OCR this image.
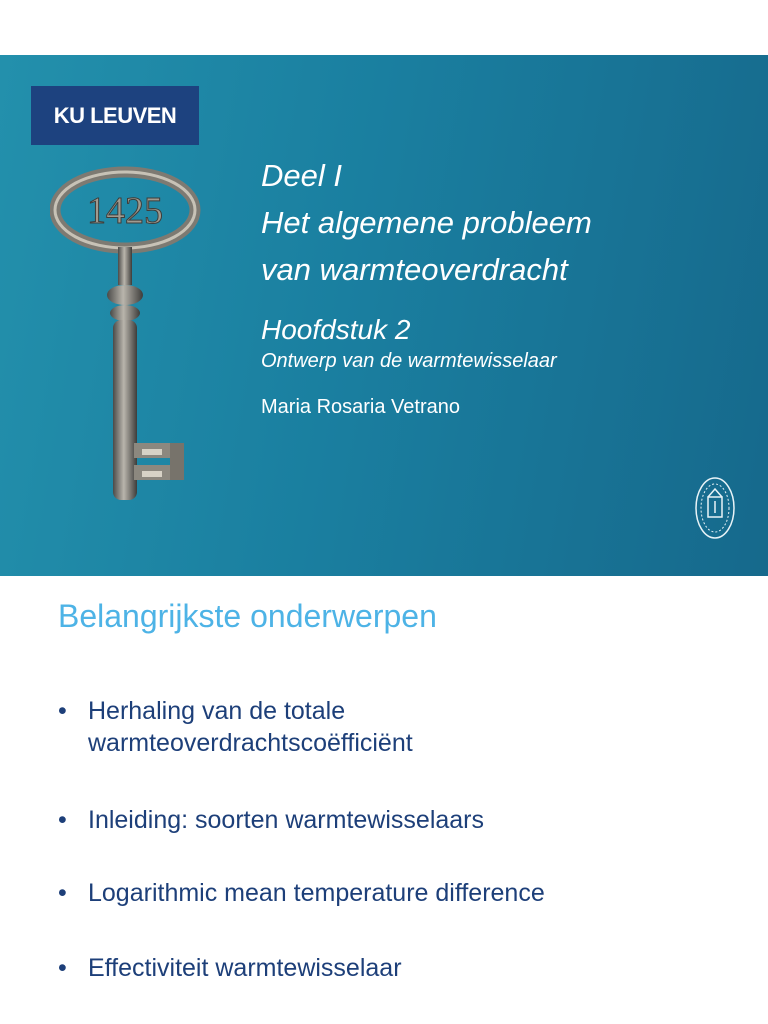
KU LEUVEN
1425
Deel I
Het algemene probleem
van warmteoverdracht
Hoofdstuk 2
Ontwerp van de warmtewisselaar
Maria Rosaria Vetrano
Belangrijkste onderwerpen
• Herhaling van de totale
warmteoverdrachtscoëfficiënt
• Inleiding: soorten warmtewisselaars
• Logarithmic mean temperature difference
• Effectiviteit warmtewisselaar
